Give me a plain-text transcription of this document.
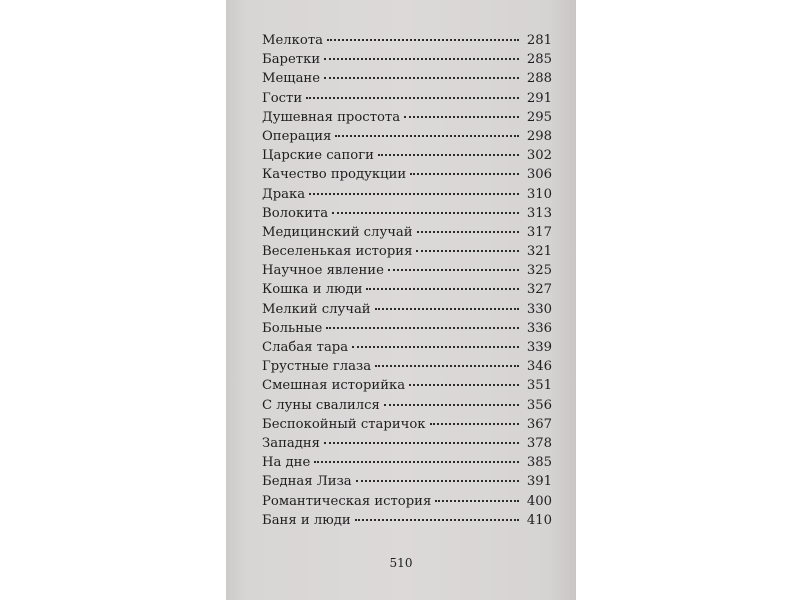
Мелкота	281
Баретки	285
Мещане	288
Гости	291
Душевная простота	295
Операция	298
Царские сапоги	302
Качество продукции	306
Драка	310
Волокита	313
Медицинский случай	317
Веселенькая история	321
Научное явление	325
Кошка и люди	327
Мелкий случай	330
Больные	336
Слабая тара	339
Грустные глаза	346
Смешная историйка	351
С луны свалился	356
Беспокойный старичок	367
Западня	378
На дне	385
Бедная Лиза	391
Романтическая история	400
Баня и люди	410
510
